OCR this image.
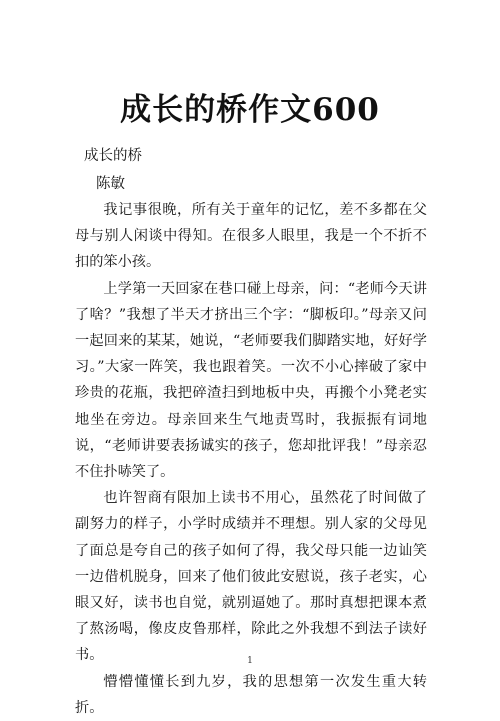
成长的桥作文600
成长的桥
陈敏

我记事很晚，所有关于童年的记忆，差不多都在父母与别人闲谈中得知。在很多人眼里，我是一个不折不扣的笨小孩。

上学第一天回家在巷口碰上母亲，问：“老师今天讲了啥？”我想了半天才挤出三个字：“脚板印。”母亲又问一起回来的某某，她说，“老师要我们脚踏实地，好好学习。”大家一阵笑，我也跟着笑。一次不小心摔破了家中珍贵的花瓶，我把碎渣扫到地板中央，再搬个小凳老实地坐在旁边。母亲回来生气地责骂时，我振振有词地说，“老师讲要表扬诚实的孩子，您却批评我！”母亲忍不住扑哧笑了。

也许智商有限加上读书不用心，虽然花了时间做了副努力的样子，小学时成绩并不理想。别人家的父母见了面总是夸自己的孩子如何了得，我父母只能一边讪笑一边借机脱身，回来了他们彼此安慰说，孩子老实，心眼又好，读书也自觉，就别逼她了。那时真想把课本煮了熬汤喝，像皮皮鲁那样，除此之外我想不到法子读好书。

懵懵懂懂长到九岁，我的思想第一次发生重大转折。

1
